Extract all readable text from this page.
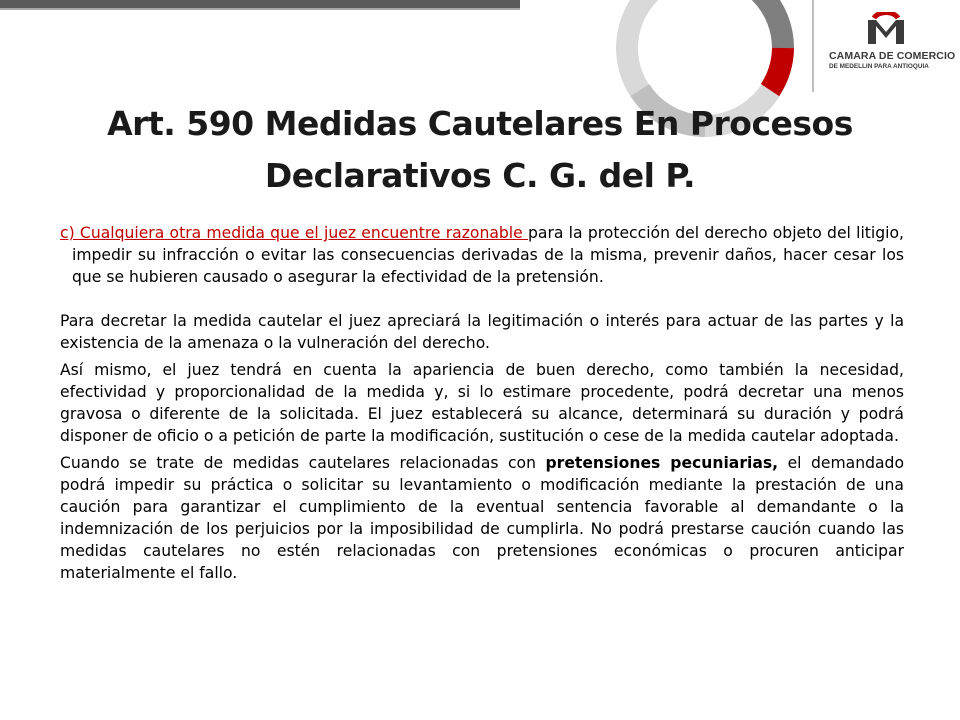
CAMARA DE COMERCIO
DE MEDELLIN PARA ANTIOQUIA
Art. 590 Medidas Cautelares En Procesos
Declarativos C. G. del P.

c) Cualquiera otra medida que el juez encuentre razonable para la protección del derecho objeto del litigio, impedir su infracción o evitar las consecuencias derivadas de la misma, prevenir daños, hacer cesar los que se hubieren causado o asegurar la efectividad de la pretensión.

Para decretar la medida cautelar el juez apreciará la legitimación o interés para actuar de las partes y la existencia de la amenaza o la vulneración del derecho.

Así mismo, el juez tendrá en cuenta la apariencia de buen derecho, como también la necesidad, efectividad y proporcionalidad de la medida y, si lo estimare procedente, podrá decretar una menos gravosa o diferente de la solicitada. El juez establecerá su alcance, determinará su duración y podrá disponer de oficio o a petición de parte la modificación, sustitución o cese de la medida cautelar adoptada.

Cuando se trate de medidas cautelares relacionadas con pretensiones pecuniarias, el demandado podrá impedir su práctica o solicitar su levantamiento o modificación mediante la prestación de una caución para garantizar el cumplimiento de la eventual sentencia favorable al demandante o la indemnización de los perjuicios por la imposibilidad de cumplirla. No podrá prestarse caución cuando las medidas cautelares no estén relacionadas con pretensiones económicas o procuren anticipar materialmente el fallo.
